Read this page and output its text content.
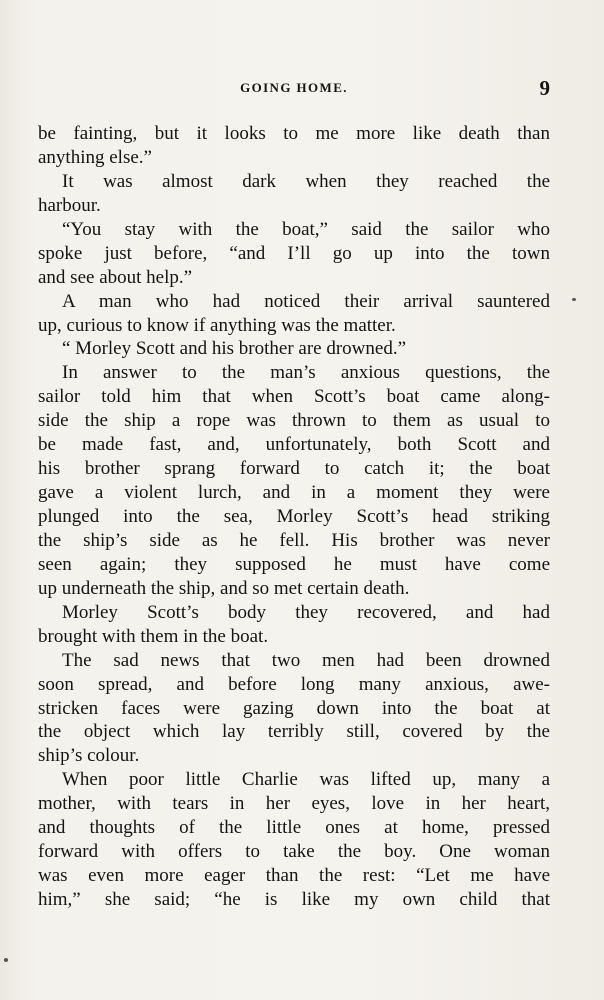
GOING HOME.	9
be fainting, but it looks to me more like death than
anything else.”
It was almost dark when they reached the
harbour.
“You stay with the boat,” said the sailor who
spoke just before, “and I’ll go up into the town
and see about help.”
A man who had noticed their arrival sauntered
up, curious to know if anything was the matter.
“ Morley Scott and his brother are drowned.”
In answer to the man’s anxious questions, the
sailor told him that when Scott’s boat came along-
side the ship a rope was thrown to them as usual to
be made fast, and, unfortunately, both Scott and
his brother sprang forward to catch it; the boat
gave a violent lurch, and in a moment they were
plunged into the sea, Morley Scott’s head striking
the ship’s side as he fell. His brother was never
seen again; they supposed he must have come
up underneath the ship, and so met certain death.
Morley Scott’s body they recovered, and had
brought with them in the boat.
The sad news that two men had been drowned
soon spread, and before long many anxious, awe-
stricken faces were gazing down into the boat at
the object which lay terribly still, covered by the
ship’s colour.
When poor little Charlie was lifted up, many a
mother, with tears in her eyes, love in her heart,
and thoughts of the little ones at home, pressed
forward with offers to take the boy. One woman
was even more eager than the rest: “Let me have
him,” she said; “he is like my own child that
